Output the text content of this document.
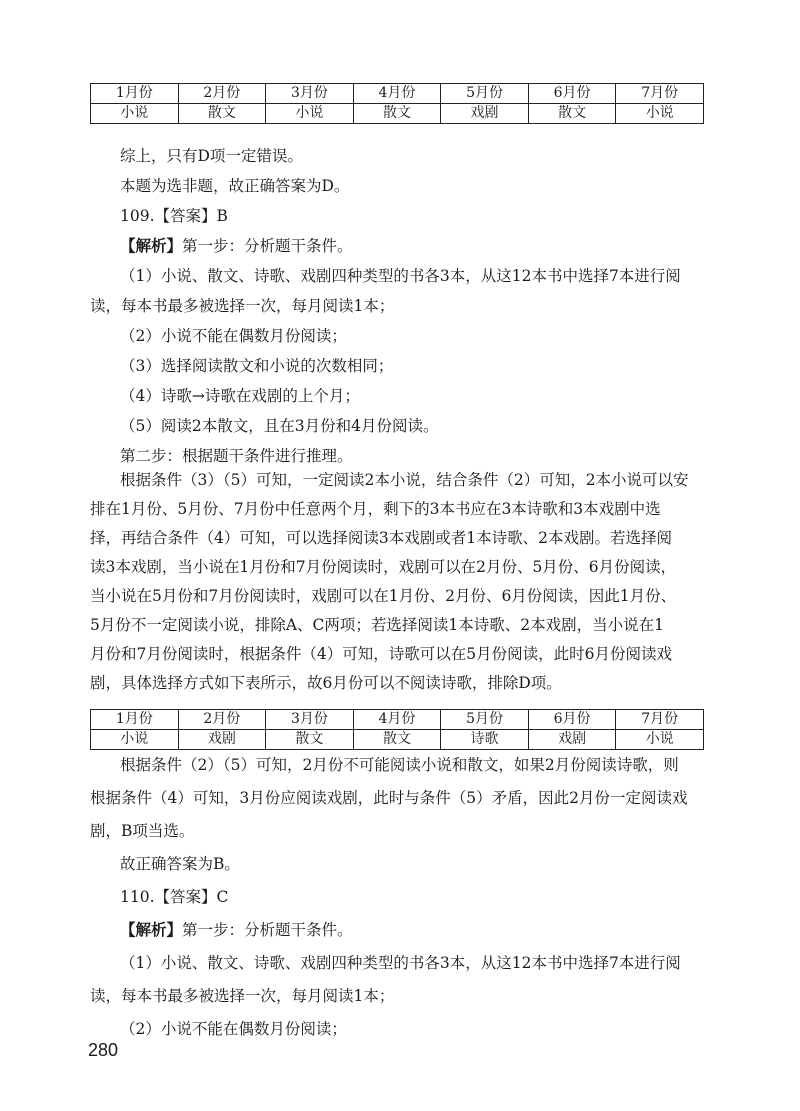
1月份	2月份	3月份	4月份	5月份	6月份	7月份
小说	散文	小说	散文	戏剧	散文	小说

综上，只有D项一定错误。

本题为选非题，故正确答案为D。

109.【答案】B

【解析】第一步：分析题干条件。

（1）小说、散文、诗歌、戏剧四种类型的书各3本，从这12本书中选择7本进行阅

读，每本书最多被选择一次，每月阅读1本；

（2）小说不能在偶数月份阅读；

（3）选择阅读散文和小说的次数相同；

（4）诗歌→诗歌在戏剧的上个月；

（5）阅读2本散文，且在3月份和4月份阅读。

第二步：根据题干条件进行推理。

根据条件（3）（5）可知，一定阅读2本小说，结合条件（2）可知，2本小说可以安

排在1月份、5月份、7月份中任意两个月，剩下的3本书应在3本诗歌和3本戏剧中选

择，再结合条件（4）可知，可以选择阅读3本戏剧或者1本诗歌、2本戏剧。若选择阅

读3本戏剧，当小说在1月份和7月份阅读时，戏剧可以在2月份、5月份、6月份阅读，

当小说在5月份和7月份阅读时，戏剧可以在1月份、2月份、6月份阅读，因此1月份、

5月份不一定阅读小说，排除A、C两项；若选择阅读1本诗歌、2本戏剧，当小说在1

月份和7月份阅读时，根据条件（4）可知，诗歌可以在5月份阅读，此时6月份阅读戏

1月份	2月份	3月份	4月份	5月份	6月份	7月份
小说	戏剧	散文	散文	诗歌	戏剧	小说

根据条件（2）（5）可知，2月份不可能阅读小说和散文，如果2月份阅读诗歌，则

根据条件（4）可知，3月份应阅读戏剧，此时与条件（5）矛盾，因此2月份一定阅读戏

剧，B项当选。

故正确答案为B。

110.【答案】C

【解析】第一步：分析题干条件。

（1）小说、散文、诗歌、戏剧四种类型的书各3本，从这12本书中选择7本进行阅

读，每本书最多被选择一次，每月阅读1本；

280

剧，具体选择方式如下表所示，故6月份可以不阅读诗歌，排除D项。

（2）小说不能在偶数月份阅读；
